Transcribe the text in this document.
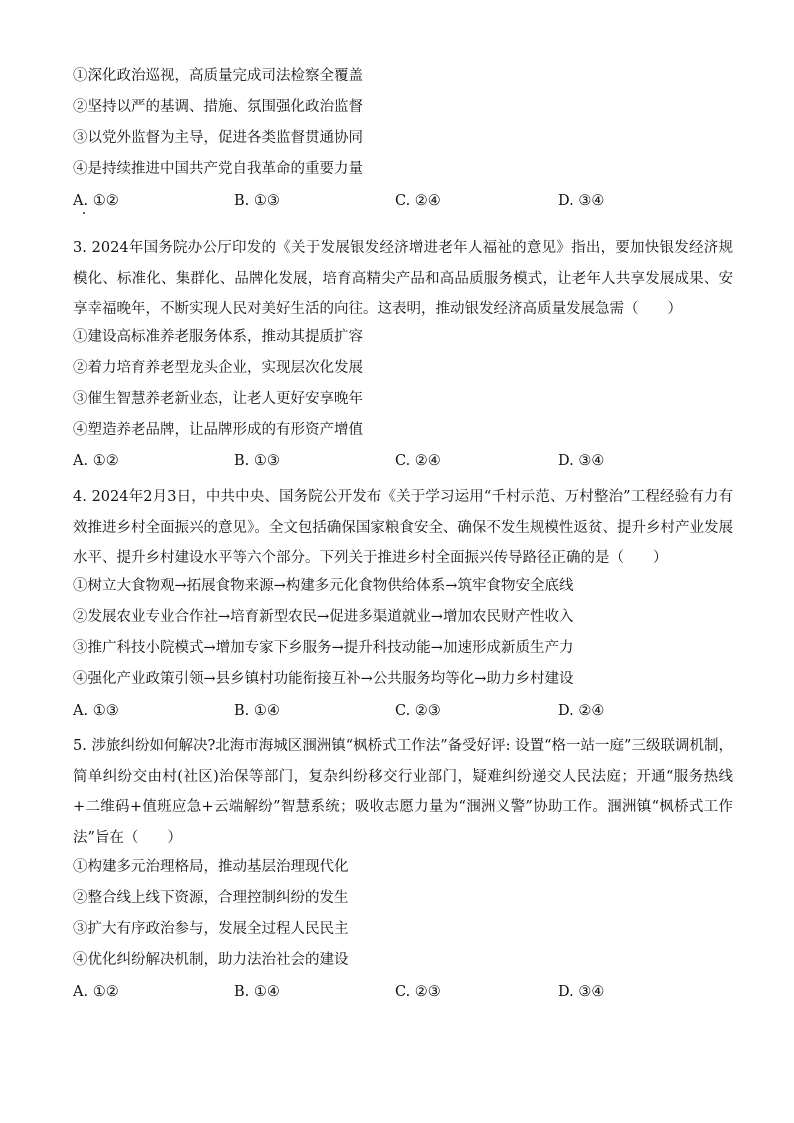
①深化政治巡视，高质量完成司法检察全覆盖
②坚持以严的基调、措施、氛围强化政治监督
③以党外监督为主导，促进各类监督贯通协同
④是持续推进中国共产党自我革命的重要力量
A. ①②	B. ①③	C. ②④	D. ③④
3. 2024年国务院办公厅印发的《关于发展银发经济增进老年人福祉的意见》指出，要加快银发经济规模化、标准化、集群化、品牌化发展，培育高精尖产品和高品质服务模式，让老年人共享发展成果、安享幸福晚年，不断实现人民对美好生活的向往。这表明，推动银发经济高质量发展急需（　　）
①建设高标准养老服务体系，推动其提质扩容
②着力培育养老型龙头企业，实现层次化发展
③催生智慧养老新业态，让老人更好安享晚年
④塑造养老品牌，让品牌形成的有形资产增值
A. ①②	B. ①③	C. ②④	D. ③④
4. 2024年2月3日，中共中央、国务院公开发布《关于学习运用“千村示范、万村整治”工程经验有力有效推进乡村全面振兴的意见》。全文包括确保国家粮食安全、确保不发生规模性返贫、提升乡村产业发展水平、提升乡村建设水平等六个部分。下列关于推进乡村全面振兴传导路径正确的是（　　）
①树立大食物观→拓展食物来源→构建多元化食物供给体系→筑牢食物安全底线
②发展农业专业合作社→培育新型农民→促进多渠道就业→增加农民财产性收入
③推广科技小院模式→增加专家下乡服务→提升科技动能→加速形成新质生产力
④强化产业政策引领→县乡镇村功能衔接互补→公共服务均等化→助力乡村建设
A. ①③	B. ①④	C. ②③	D. ②④
5. 涉旅纠纷如何解决?北海市海城区涠洲镇“枫桥式工作法”备受好评: 设置“格一站一庭”三级联调机制，简单纠纷交由村(社区)治保等部门，复杂纠纷移交行业部门，疑难纠纷递交人民法庭；开通“服务热线+二维码+值班应急+云端解纷”智慧系统；吸收志愿力量为“涠洲义警”协助工作。涠洲镇“枫桥式工作法”旨在（　　）
①构建多元治理格局，推动基层治理现代化
②整合线上线下资源，合理控制纠纷的发生
③扩大有序政治参与，发展全过程人民民主
④优化纠纷解决机制，助力法治社会的建设
A. ①②	B. ①④	C. ②③	D. ③④
